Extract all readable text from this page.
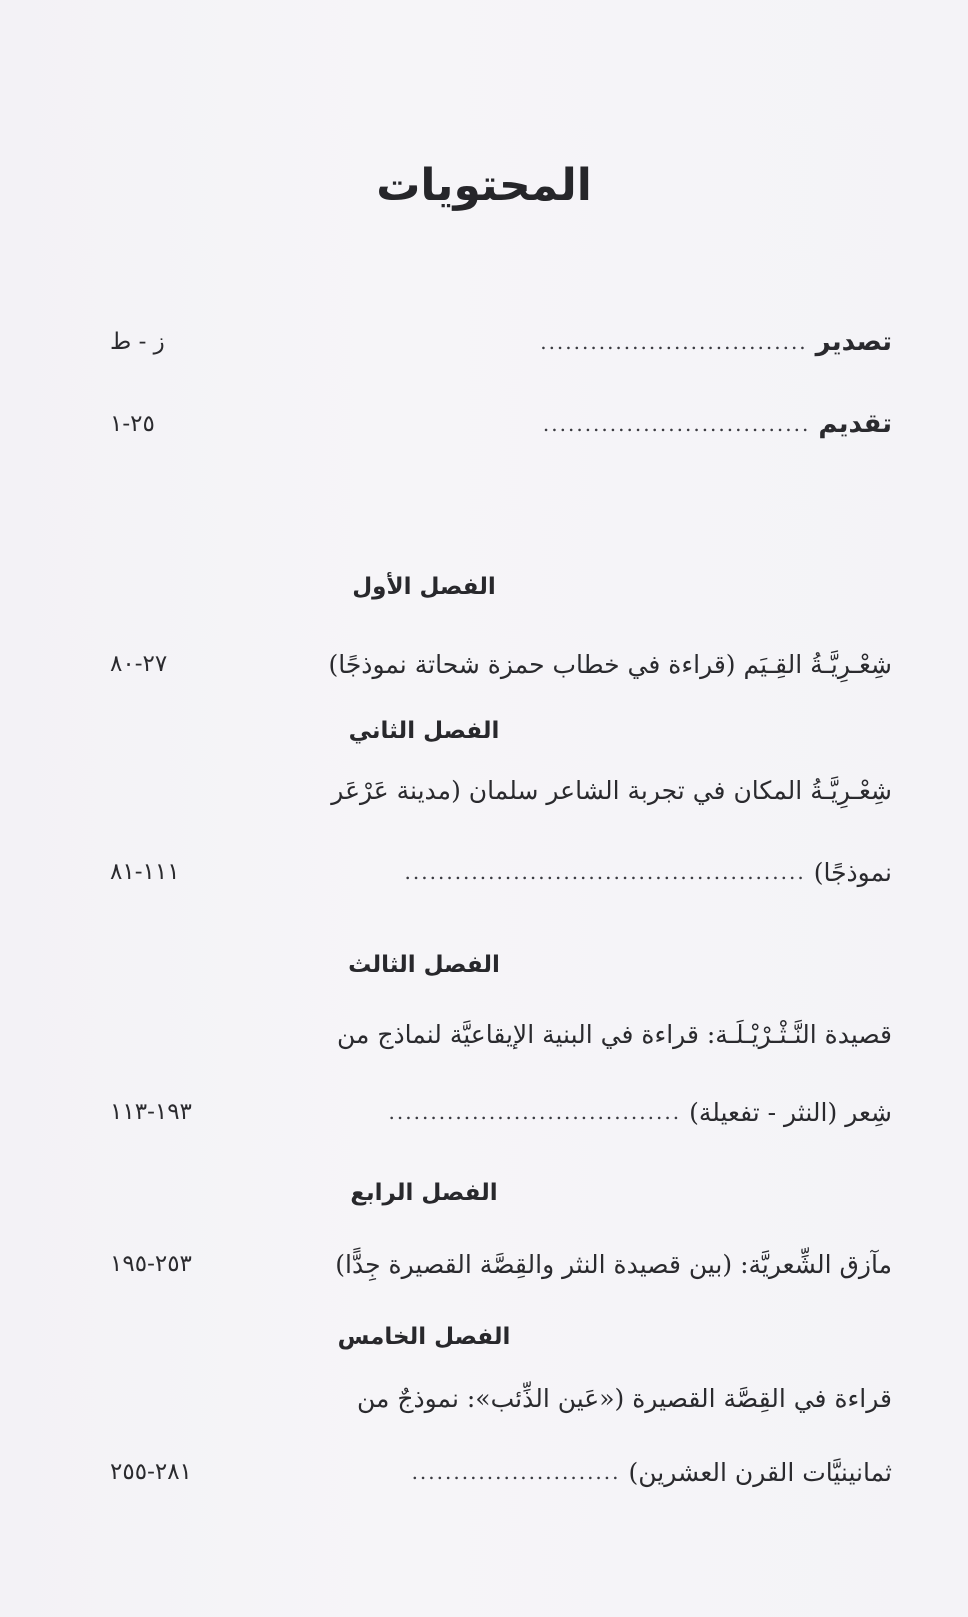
المحتويات
تصدير
................................
ز - ط
تقديم
................................
٢٥-١
الفصل الأول
شِعْـرِيَّـةُ القِـيَم (قراءة في خطاب حمزة شحاتة نموذجًا)
٢٧-٨٠
الفصل الثاني
شِعْـرِيَّـةُ المكان في تجربة الشاعر سلمان (مدينة عَرْعَر
نموذجًا)
................................................
١١١-٨١
الفصل الثالث
قصيدة النَّـثْـرْيْـلَـة: قراءة في البنية الإيقاعيَّة لنماذج من
شِعر (النثر - تفعيلة)
...................................
١٩٣-١١٣
الفصل الرابع
مآزق الشِّعريَّة: (بين قصيدة النثر والقِصَّة القصيرة جِدًّا)
٢٥٣-١٩٥
الفصل الخامس
قراءة في القِصَّة القصيرة («عَين الذِّئب»: نموذجٌ من
ثمانينيَّات القرن العشرين)
.........................
٢٨١-٢٥٥
